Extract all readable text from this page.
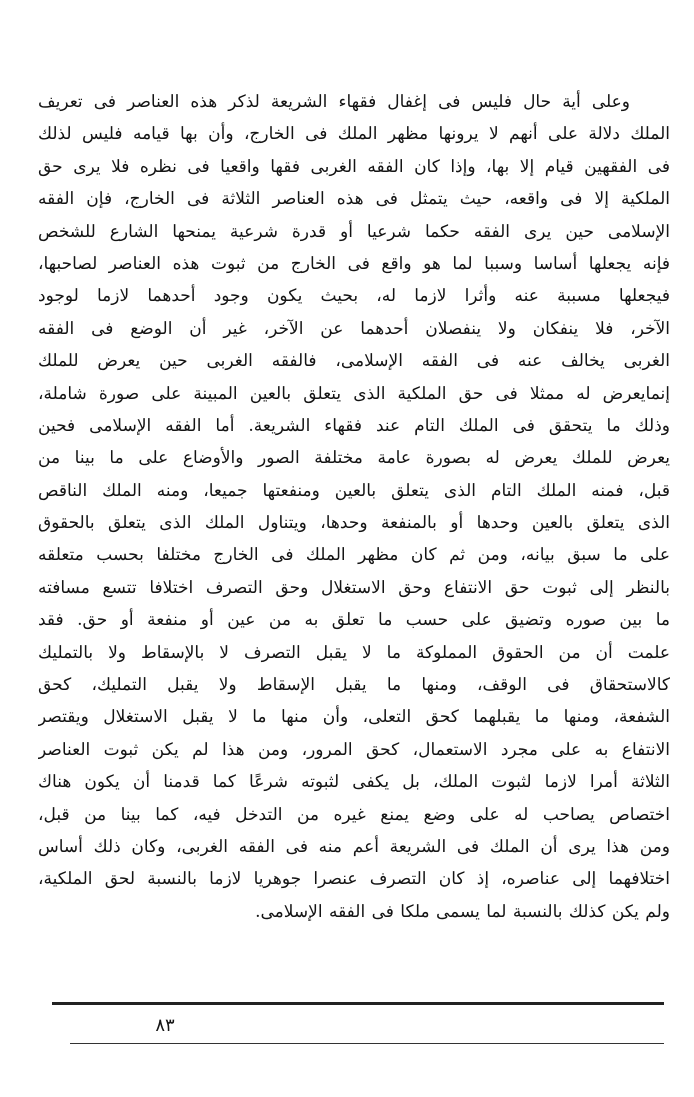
وعلى أية حال فليس فى إغفال فقهاء الشريعة لذكر هذه العناصر فى تعريف
الملك دلالة على أنهم لا يرونها مظهر الملك فى الخارج، وأن بها قيامه فليس لذلك
فى الفقهين قيام إلا بها، وإذا كان الفقه الغربى فقها واقعيا فى نظره فلا يرى حق
الملكية إلا فى واقعه، حيث يتمثل فى هذه العناصر الثلاثة فى الخارج، فإن الفقه
الإسلامى حين يرى الفقه حكما شرعيا أو قدرة شرعية يمنحها الشارع للشخص
فإنه يجعلها أساسا وسببا لما هو واقع فى الخارج من ثبوت هذه العناصر لصاحبها،
فيجعلها مسببة عنه وأثرا لازما له، بحيث يكون وجود أحدهما لازما لوجود
الآخر، فلا ينفكان ولا ينفصلان أحدهما عن الآخر، غير أن الوضع فى الفقه
الغربى يخالف عنه فى الفقه الإسلامى، فالفقه الغربى حين يعرض للملك
إنمايعرض له ممثلا فى حق الملكية الذى يتعلق بالعين المبينة على صورة شاملة،
وذلك ما يتحقق فى الملك التام عند فقهاء الشريعة. أما الفقه الإسلامى فحين
يعرض للملك يعرض له بصورة عامة مختلفة الصور والأوضاع على ما بينا من
قبل، فمنه الملك التام الذى يتعلق بالعين ومنفعتها جميعا، ومنه الملك الناقص
الذى يتعلق بالعين وحدها أو بالمنفعة وحدها، ويتناول الملك الذى يتعلق بالحقوق
على ما سبق بيانه، ومن ثم كان مظهر الملك فى الخارج مختلفا بحسب متعلقه
بالنظر إلى ثبوت حق الانتفاع وحق الاستغلال وحق التصرف اختلافا تتسع مسافته
ما بين صوره وتضيق على حسب ما تعلق به من عين أو منفعة أو حق. فقد
علمت أن من الحقوق المملوكة ما لا يقبل التصرف لا بالإسقاط ولا بالتمليك
كالاستحقاق فى الوقف، ومنها ما يقبل الإسقاط ولا يقبل التمليك، كحق
الشفعة، ومنها ما يقبلهما كحق التعلى، وأن منها ما لا يقبل الاستغلال ويقتصر
الانتفاع به على مجرد الاستعمال، كحق المرور، ومن هذا لم يكن ثبوت العناصر
الثلاثة أمرا لازما لثبوت الملك، بل يكفى لثبوته شرعًا كما قدمنا أن يكون هناك
اختصاص يصاحب له على وضع يمنع غيره من التدخل فيه، كما بينا من قبل،
ومن هذا يرى أن الملك فى الشريعة أعم منه فى الفقه الغربى، وكان ذلك أساس
اختلافهما إلى عناصره، إذ كان التصرف عنصرا جوهريا لازما بالنسبة لحق الملكية،
ولم يكن كذلك بالنسبة لما يسمى ملكا فى الفقه الإسلامى.
٨٣
